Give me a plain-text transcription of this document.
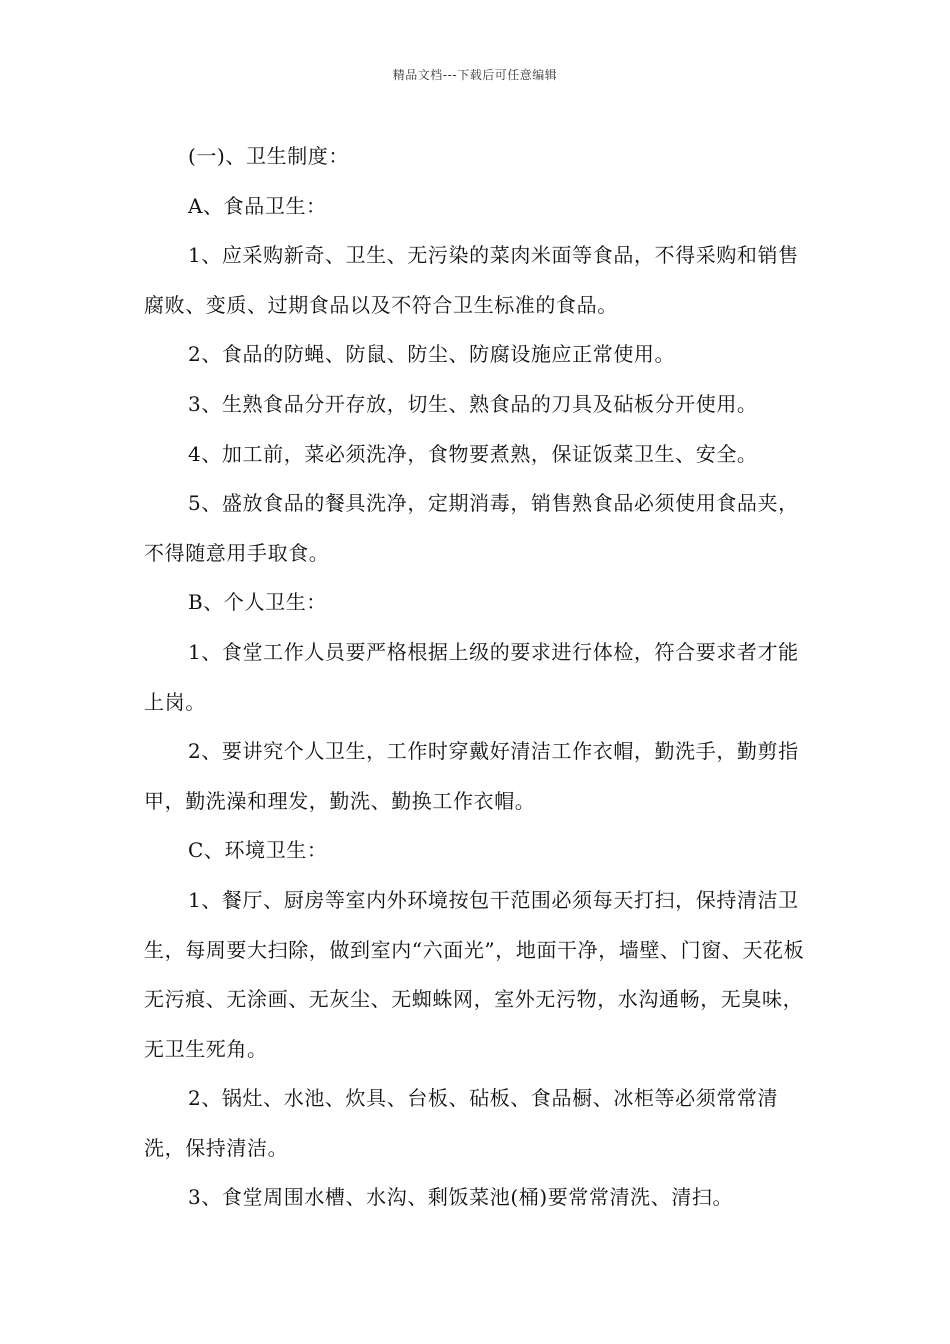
精品文档---下载后可任意编辑

(一)、卫生制度：

A、食品卫生：

1、应采购新奇、卫生、无污染的菜肉米面等食品，不得采购和销售腐败、变质、过期食品以及不符合卫生标准的食品。

2、食品的防蝇、防鼠、防尘、防腐设施应正常使用。

3、生熟食品分开存放，切生、熟食品的刀具及砧板分开使用。

4、加工前，菜必须洗净，食物要煮熟，保证饭菜卫生、安全。

5、盛放食品的餐具洗净，定期消毒，销售熟食品必须使用食品夹，不得随意用手取食。

B、个人卫生：

1、食堂工作人员要严格根据上级的要求进行体检，符合要求者才能上岗。

2、要讲究个人卫生，工作时穿戴好清洁工作衣帽，勤洗手，勤剪指甲，勤洗澡和理发，勤洗、勤换工作衣帽。

C、环境卫生：

1、餐厅、厨房等室内外环境按包干范围必须每天打扫，保持清洁卫生，每周要大扫除，做到室内“六面光”，地面干净，墙壁、门窗、天花板无污痕、无涂画、无灰尘、无蜘蛛网，室外无污物，水沟通畅，无臭味，无卫生死角。

2、锅灶、水池、炊具、台板、砧板、食品橱、冰柜等必须常常清洗，保持清洁。

3、食堂周围水槽、水沟、剩饭菜池(桶)要常常清洗、清扫。
